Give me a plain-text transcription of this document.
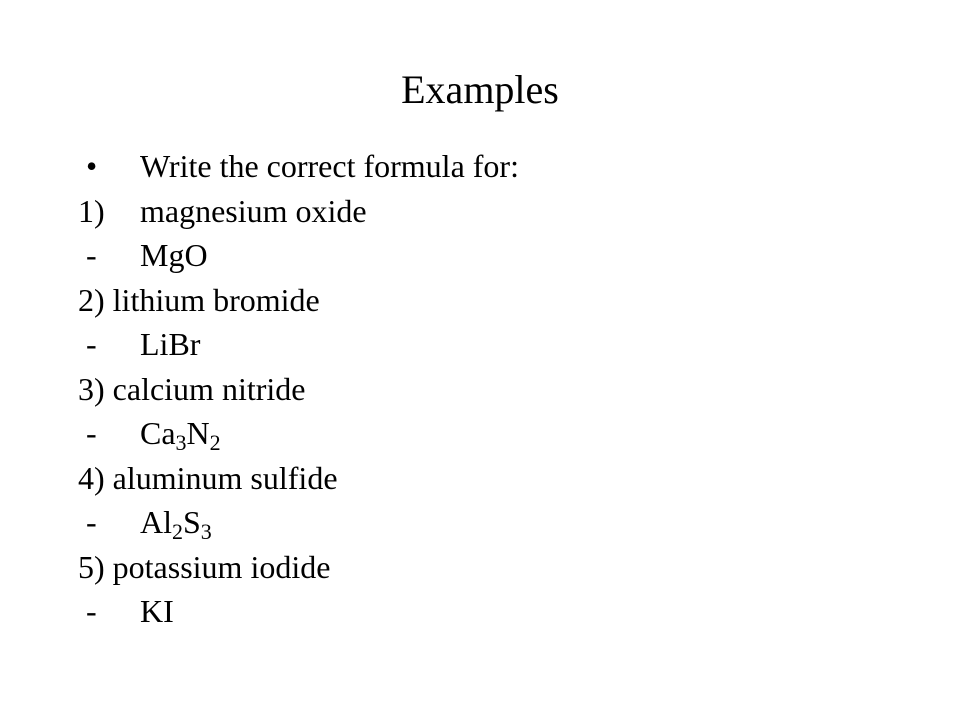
Examples
• Write the correct formula for:
1) magnesium oxide
- MgO
2) lithium bromide
- LiBr
3) calcium nitride
- $Ca_3N_2$
4) aluminum sulfide
- $Al_2S_3$
5) potassium iodide
- KI
